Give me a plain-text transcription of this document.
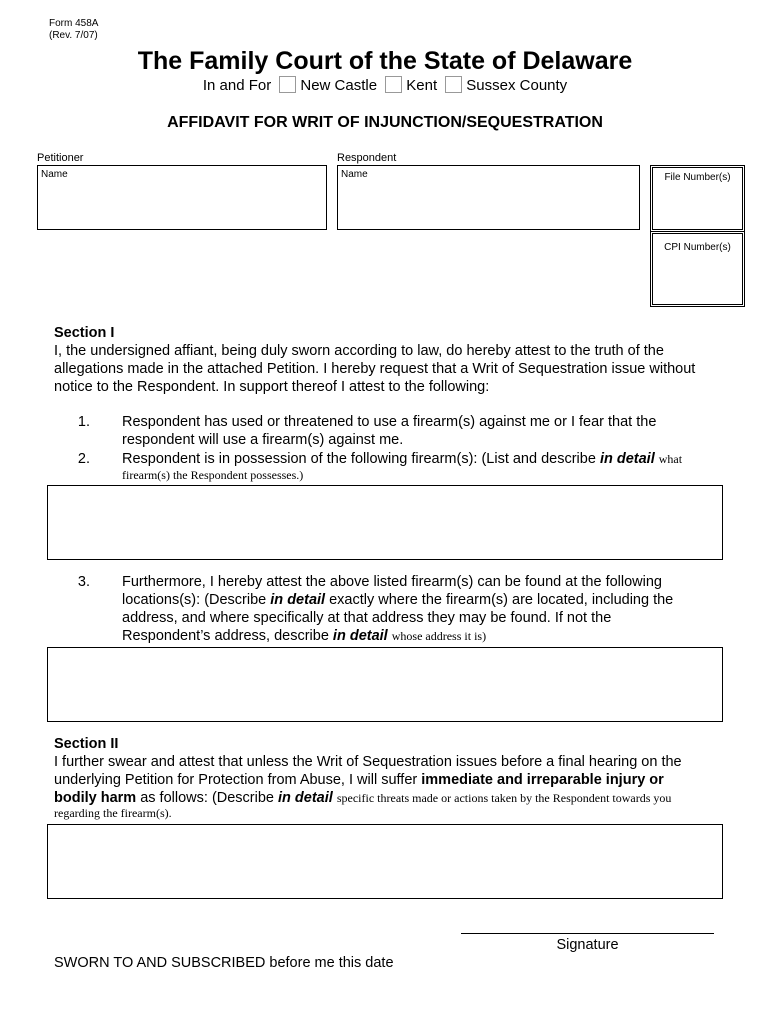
Form 458A
(Rev. 7/07)
The Family Court of the State of Delaware
In and For New Castle Kent Sussex County
AFFIDAVIT FOR WRIT OF INJUNCTION/SEQUESTRATION
Petitioner
Name
Respondent
Name	File Number(s)
CPI Number(s)
Section I
I, the undersigned affiant, being duly sworn according to law, do hereby attest to the truth of the allegations made in the attached Petition. I hereby request that a Writ of Sequestration issue without notice to the Respondent. In support thereof I attest to the following:
1. Respondent has used or threatened to use a firearm(s) against me or I fear that the
respondent will use a firearm(s) against me.
2. Respondent is in possession of the following firearm(s): (List and describe in detail what
firearm(s) the Respondent possesses.)
3. Furthermore, I hereby attest the above listed firearm(s) can be found at the following
locations(s): (Describe in detail exactly where the firearm(s) are located, including the
address, and where specifically at that address they may be found. If not the
Respondent’s address, describe in detail whose address it is)
Section II
I further swear and attest that unless the Writ of Sequestration issues before a final hearing on the
underlying Petition for Protection from Abuse, I will suffer immediate and irreparable injury or
bodily harm as follows: (Describe in detail specific threats made or actions taken by the Respondent towards you
regarding the firearm(s).
Signature
SWORN TO AND SUBSCRIBED before me this date
